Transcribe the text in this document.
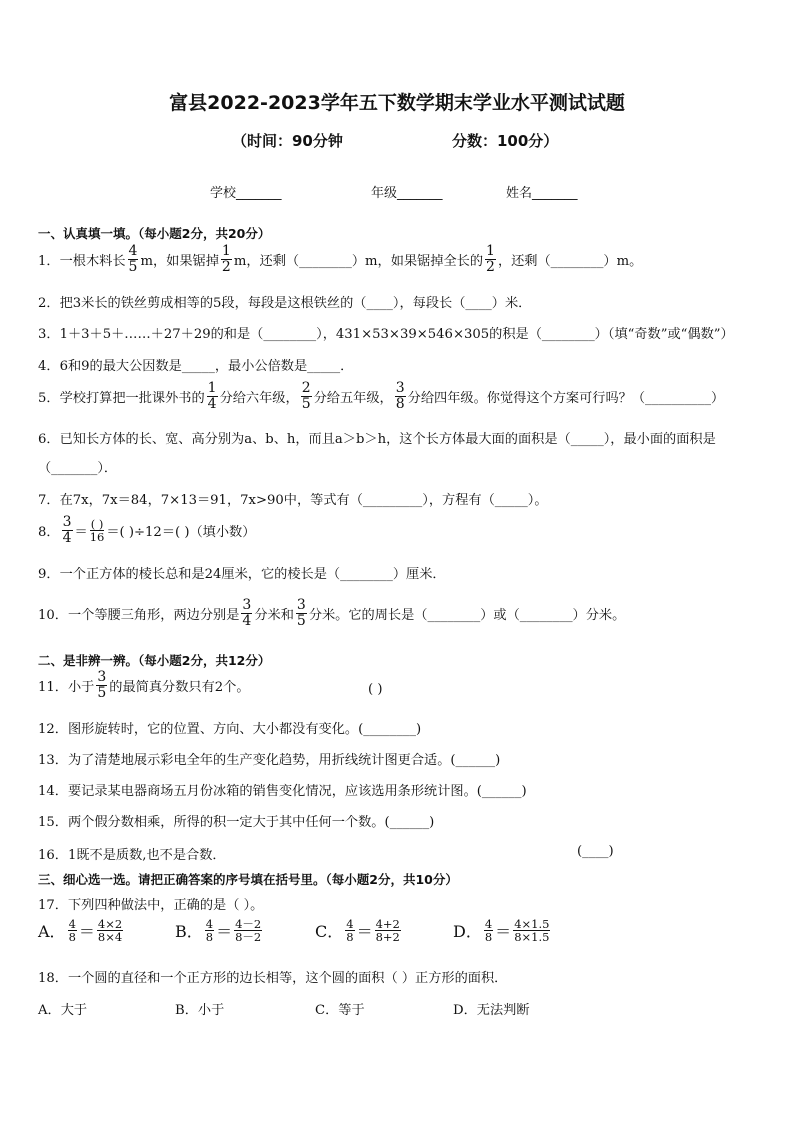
富县2022-2023学年五下数学期末学业水平测试试题
（时间：90分钟	分数：100分）
学校_______	年级_______	姓名_______
一、认真填一填。（每小题2分，共20分）
1． 一根木料长 $\frac{4}{5}$ m，如果锯掉 $\frac{1}{2}$ m，还剩（________）m，如果锯掉全长的 $\frac{1}{2}$ ，还剩（________）m。
2．把3米长的铁丝剪成相等的5段，每段是这根铁丝的（____），每段长（____）米．
3．1＋3＋5＋……＋27＋29的和是（________），431×53×39×546×305的积是（________）（填“奇数”或“偶数”）
4．6和9的最大公因数是_____，最小公倍数是_____．
5． 学校打算把一批课外书的 $\frac{1}{4}$ 分给六年级， $\frac{2}{5}$ 分给五年级， $\frac{3}{8}$ 分给四年级。你觉得这个方案可行吗？（__________）
6．已知长方体的长、宽、高分别为a、b、h，而且a＞b＞h，这个长方体最大面的面积是（_____），最小面的面积是
（_______）．
7．在7x，7x＝84，7×13＝91，7x>90中，等式有（_________），方程有（_____）。
8． $\frac{3}{4} = \frac{( )}{16}$ ＝( )÷12＝( )（填小数）
9．一个正方体的棱长总和是24厘米，它的棱长是（________）厘米．
10． 一个等腰三角形，两边分别是 $\frac{3}{4}$ 分米和 $\frac{3}{5}$ 分米。它的周长是（________）或（________）分米。
二、是非辨一辨。（每小题2分，共12分）
11． 小于 $\frac{3}{5}$ 的最简真分数只有2个。	( )
12．图形旋转时，它的位置、方向、大小都没有变化。(________)
13．为了清楚地展示彩电全年的生产变化趋势，用折线统计图更合适。(______)
14．要记录某电器商场五月份冰箱的销售变化情况，应该选用条形统计图。(______)
15．两个假分数相乘，所得的积一定大于其中任何一个数。(______)
16．1既不是质数,也不是合数．	(____)
三、细心选一选。请把正确答案的序号填在括号里。（每小题2分，共10分）
17．下列四种做法中，正确的是（ ）。
A． $\frac{4}{8} = \frac{4\times 2}{8\times 4}$	B． $\frac{4}{8} = \frac{4-2}{8-2}$	C． $\frac{4}{8} = \frac{4+2}{8+2}$	D． $\frac{4}{8} = \frac{4\times 1.5}{8\times 1.5}$
18．一个圆的直径和一个正方形的边长相等，这个圆的面积（ ）正方形的面积．
A．大于	B．小于	C．等于	D．无法判断
